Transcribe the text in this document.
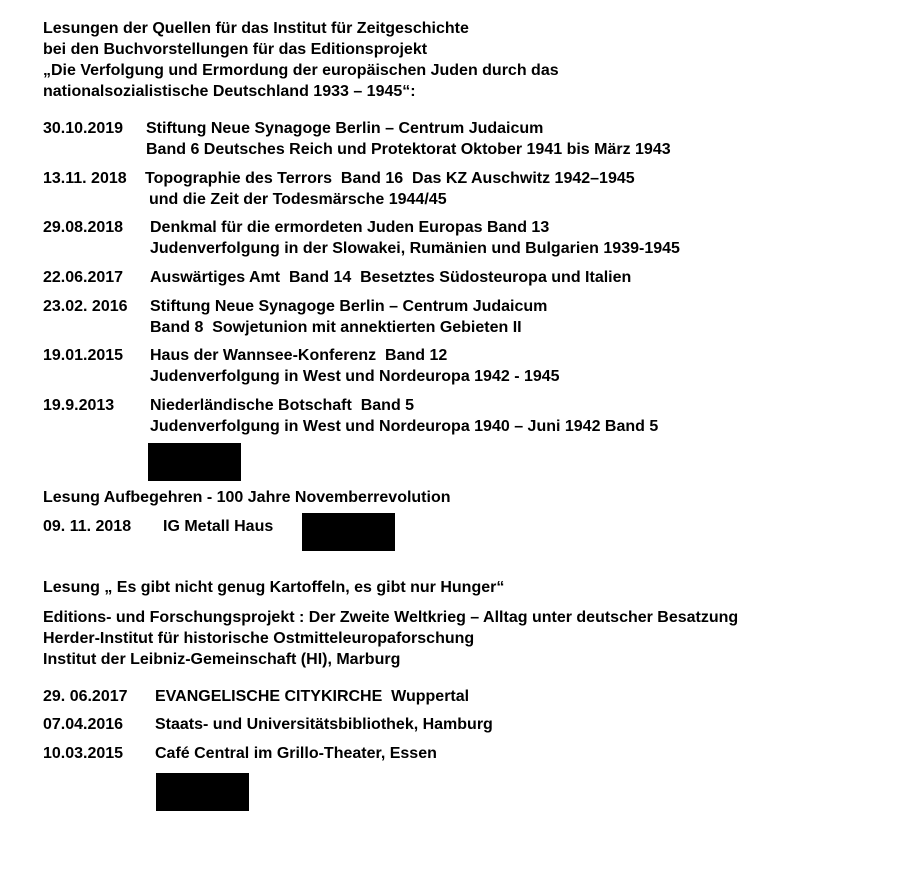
Lesungen der Quellen für das Institut für Zeitgeschichte
bei den Buchvorstellungen für das Editionsprojekt
„Die Verfolgung und Ermordung der europäischen Juden durch das
nationalsozialistische Deutschland 1933 – 1945“:
30.10.2019 Stiftung Neue Synagoge Berlin – Centrum Judaicum
Band 6 Deutsches Reich und Protektorat Oktober 1941 bis März 1943
13.11. 2018 Topographie des Terrors  Band 16  Das KZ Auschwitz 1942–1945
und die Zeit der Todesmärsche 1944/45
29.08.2018 Denkmal für die ermordeten Juden Europas Band 13
Judenverfolgung in der Slowakei, Rumänien und Bulgarien 1939-1945
22.06.2017 Auswärtiges Amt  Band 14  Besetztes Südosteuropa und Italien
23.02. 2016 Stiftung Neue Synagoge Berlin – Centrum Judaicum
Band 8  Sowjetunion mit annektierten Gebieten II
19.01.2015 Haus der Wannsee-Konferenz  Band 12
Judenverfolgung in West und Nordeuropa 1942 - 1945
19.9.2013 Niederländische Botschaft  Band 5
Judenverfolgung in West und Nordeuropa 1940 – Juni 1942 Band 5
Lesung Aufbegehren - 100 Jahre Novemberrevolution
09. 11. 2018 IG Metall Haus
Lesung „ Es gibt nicht genug Kartoffeln, es gibt nur Hunger“
Editions- und Forschungsprojekt : Der Zweite Weltkrieg – Alltag unter deutscher Besatzung
Herder-Institut für historische Ostmitteleuropaforschung
Institut der Leibniz-Gemeinschaft (HI), Marburg
29. 06.2017 EVANGELISCHE CITYKIRCHE  Wuppertal
07.04.2016 Staats- und Universitätsbibliothek, Hamburg
10.03.2015 Café Central im Grillo-Theater, Essen
